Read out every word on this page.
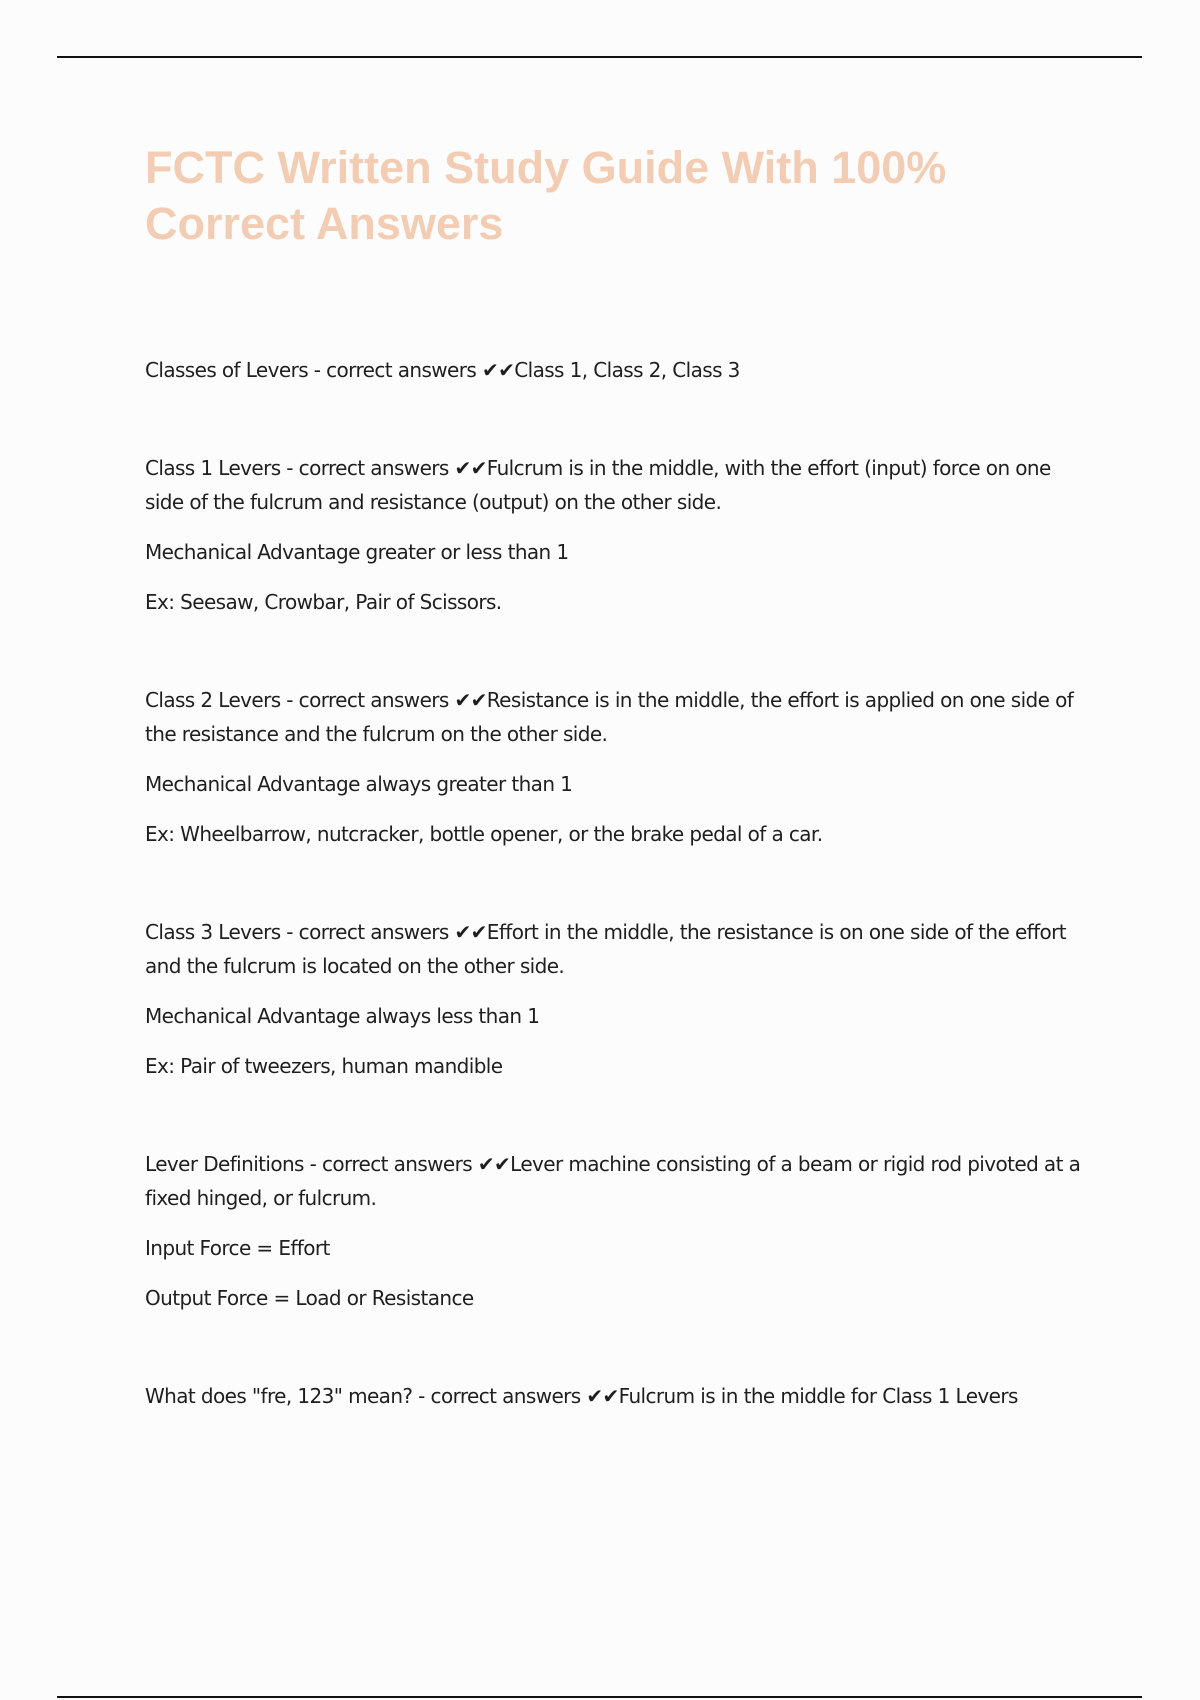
FCTC Written Study Guide With 100% Correct Answers

Classes of Levers - correct answers ✔✔Class 1, Class 2, Class 3

Class 1 Levers - correct answers ✔✔Fulcrum is in the middle, with the effort (input) force on one side of the fulcrum and resistance (output) on the other side.

Mechanical Advantage greater or less than 1

Ex: Seesaw, Crowbar, Pair of Scissors.

Class 2 Levers - correct answers ✔✔Resistance is in the middle, the effort is applied on one side of the resistance and the fulcrum on the other side.

Mechanical Advantage always greater than 1

Ex: Wheelbarrow, nutcracker, bottle opener, or the brake pedal of a car.

Class 3 Levers - correct answers ✔✔Effort in the middle, the resistance is on one side of the effort and the fulcrum is located on the other side.

Mechanical Advantage always less than 1

Ex: Pair of tweezers, human mandible

Lever Definitions - correct answers ✔✔Lever machine consisting of a beam or rigid rod pivoted at a fixed hinged, or fulcrum.

Input Force = Effort

Output Force = Load or Resistance

What does "fre, 123" mean? - correct answers ✔✔Fulcrum is in the middle for Class 1 Levers
